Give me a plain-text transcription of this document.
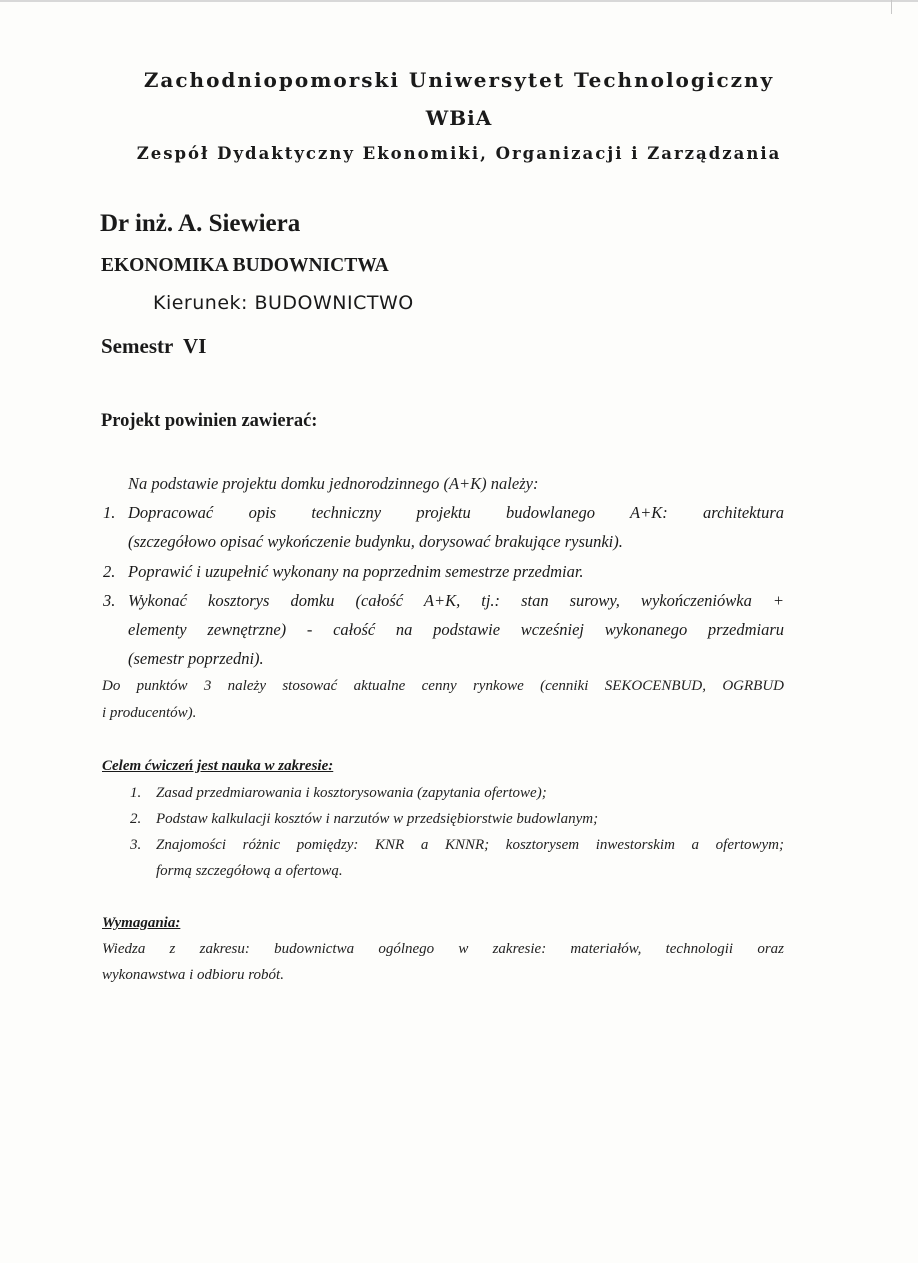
Zachodniopomorski Uniwersytet Technologiczny
WBiA
Zespół Dydaktyczny Ekonomiki, Organizacji i Zarządzania
Dr inż. A. Siewiera
EKONOMIKA BUDOWNICTWA
Kierunek: BUDOWNICTWO
Semestr  VI
Projekt powinien zawierać:
Na podstawie projektu domku jednorodzinnego (A+K) należy:
1. Dopracować opis techniczny projektu budowlanego A+K: architektura
(szczegółowo opisać wykończenie budynku, dorysować brakujące rysunki).
2. Poprawić i uzupełnić wykonany na poprzednim semestrze przedmiar.
3. Wykonać kosztorys domku (całość A+K, tj.: stan surowy, wykończeniówka +
elementy zewnętrzne) - całość na podstawie wcześniej wykonanego przedmiaru
(semestr poprzedni).
Do punktów 3 należy stosować aktualne cenny rynkowe (cenniki SEKOCENBUD, OGRBUD
i producentów).
Celem ćwiczeń jest nauka w zakresie:
1. Zasad przedmiarowania i kosztorysowania (zapytania ofertowe);
2. Podstaw kalkulacji kosztów i narzutów w przedsiębiorstwie budowlanym;
3. Znajomości różnic pomiędzy: KNR a KNNR; kosztorysem inwestorskim a ofertowym;
formą szczegółową a ofertową.
Wymagania:
Wiedza z zakresu: budownictwa ogólnego w zakresie: materiałów, technologii oraz
wykonawstwa i odbioru robót.
